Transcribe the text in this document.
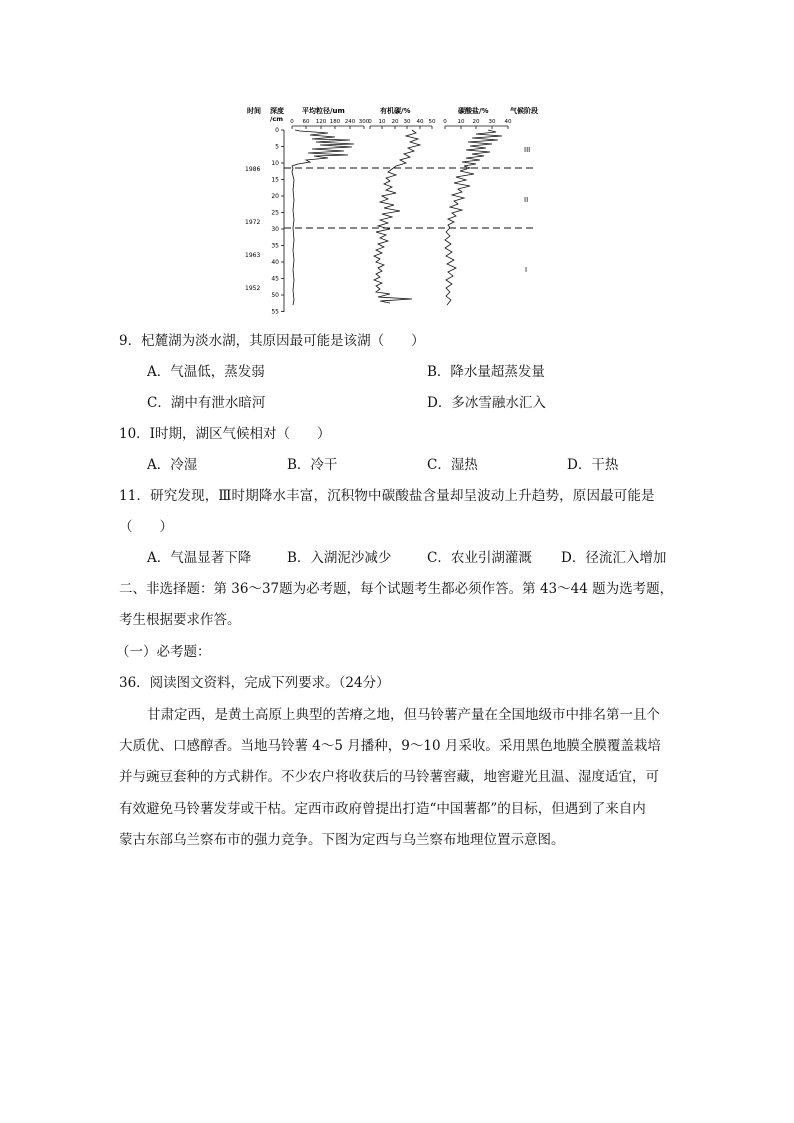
时间 深度
/cm
平均粒径/um	有机碳/%	碳酸盐/%	气候阶段
0 60 120 180 240 300 0 10 20 30 40 50 0 10 20 30 40
0
5
10
15
20
25
30
35
40
45
50
55
1986
1972
1963
1952
III
II
I
9．杞麓湖为淡水湖，其原因最可能是该湖（　　）
A．气温低，蒸发弱	B．降水量超蒸发量
C．湖中有泄水暗河	D．多冰雪融水汇入
10．Ⅰ时期，湖区气候相对（　　）
A．冷湿	B．冷干	C．湿热	D．干热
11．研究发现，Ⅲ时期降水丰富，沉积物中碳酸盐含量却呈波动上升趋势，原因最可能是
（　　）
A．气温显著下降	B．入湖泥沙减少	C．农业引湖灌溉 D．径流汇入增加
二、非选择题：第 36～37题为必考题，每个试题考生都必须作答。第 43～44 题为选考题，
考生根据要求作答。
（一）必考题：
36．阅读图文资料，完成下列要求。（24分）
甘肃定西，是黄土高原上典型的苦瘠之地，但马铃薯产量在全国地级市中排名第一且个
大质优、口感醇香。当地马铃薯 4～5 月播种，9～10 月采收。采用黑色地膜全膜覆盖栽培
并与豌豆套种的方式耕作。不少农户将收获后的马铃薯窖藏，地窖避光且温、湿度适宜，可
有效避免马铃薯发芽或干枯。定西市政府曾提出打造“中国薯都”的目标，但遇到了来自内
蒙古东部乌兰察布市的强力竞争。下图为定西与乌兰察布地理位置示意图。
